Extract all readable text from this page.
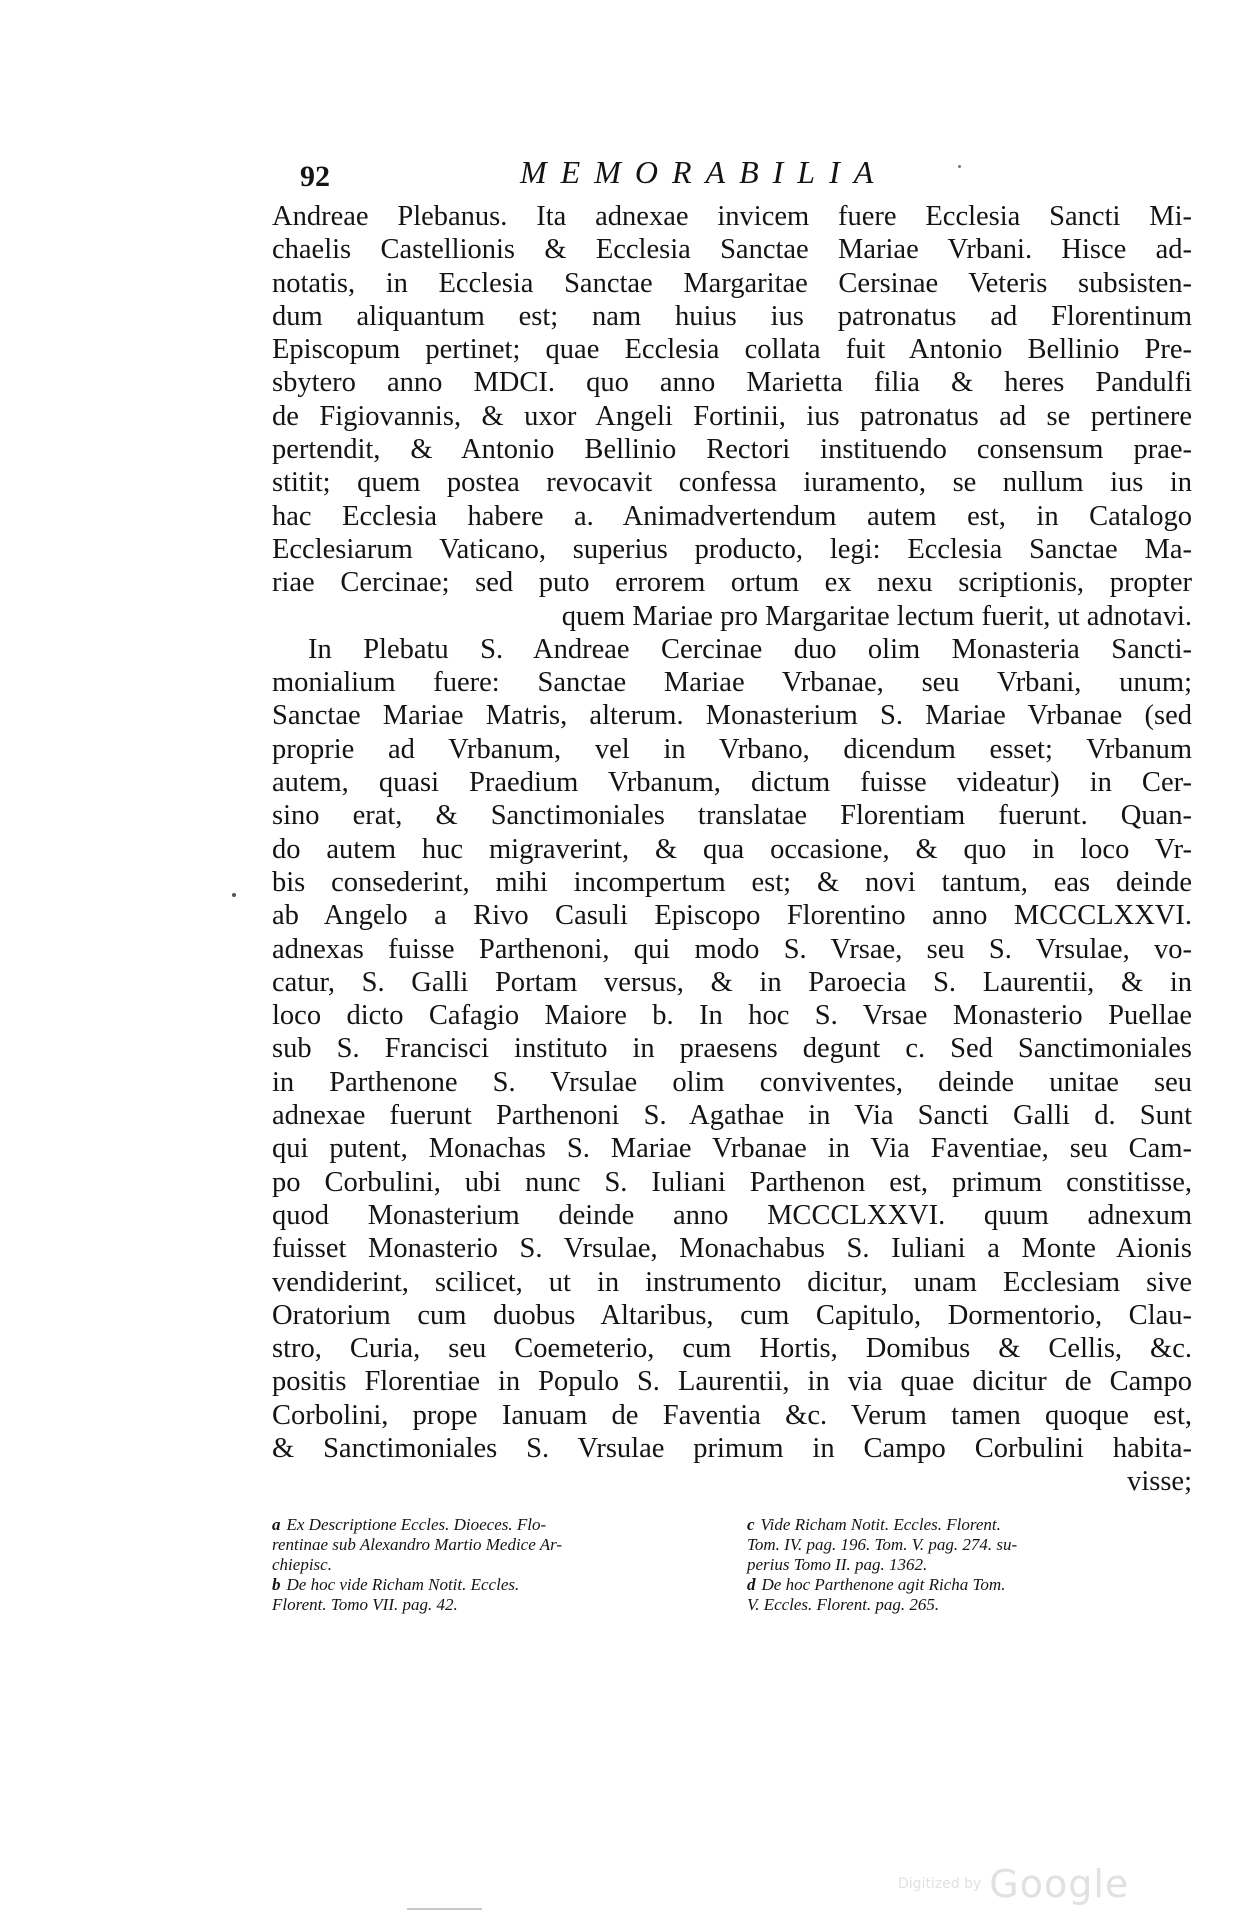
92	MEMORABILIA
Andreae Plebanus. Ita adnexae invicem fuere Ecclesia Sancti Mi-
chaelis Castellionis & Ecclesia Sanctae Mariae Vrbani. Hisce ad-
notatis, in Ecclesia Sanctae Margaritae Cersinae Veteris subsisten-
dum aliquantum est; nam huius ius patronatus ad Florentinum
Episcopum pertinet; quae Ecclesia collata fuit Antonio Bellinio Pre-
sbytero anno MDCI. quo anno Marietta filia & heres Pandulfi
de Figiovannis, & uxor Angeli Fortinii, ius patronatus ad se pertinere
pertendit, & Antonio Bellinio Rectori instituendo consensum prae-
stitit; quem postea revocavit confessa iuramento, se nullum ius in
hac Ecclesia habere a. Animadvertendum autem est, in Catalogo
Ecclesiarum Vaticano, superius producto, legi: Ecclesia Sanctae Ma-
riae Cercinae; sed puto errorem ortum ex nexu scriptionis, propter
quem Mariae pro Margaritae lectum fuerit, ut adnotavi.
In Plebatu S. Andreae Cercinae duo olim Monasteria Sancti-
monialium fuere: Sanctae Mariae Vrbanae, seu Vrbani, unum;
Sanctae Mariae Matris, alterum. Monasterium S. Mariae Vrbanae (sed
proprie ad Vrbanum, vel in Vrbano, dicendum esset; Vrbanum
autem, quasi Praedium Vrbanum, dictum fuisse videatur) in Cer-
sino erat, & Sanctimoniales translatae Florentiam fuerunt. Quan-
do autem huc migraverint, & qua occasione, & quo in loco Vr-
bis consederint, mihi incompertum est; & novi tantum, eas deinde
ab Angelo a Rivo Casuli Episcopo Florentino anno MCCCLXXVI.
adnexas fuisse Parthenoni, qui modo S. Vrsae, seu S. Vrsulae, vo-
catur, S. Galli Portam versus, & in Paroecia S. Laurentii, & in
loco dicto Cafagio Maiore b. In hoc S. Vrsae Monasterio Puellae
sub S. Francisci instituto in praesens degunt c. Sed Sanctimoniales
in Parthenone S. Vrsulae olim conviventes, deinde unitae seu
adnexae fuerunt Parthenoni S. Agathae in Via Sancti Galli d. Sunt
qui putent, Monachas S. Mariae Vrbanae in Via Faventiae, seu Cam-
po Corbulini, ubi nunc S. Iuliani Parthenon est, primum constitisse,
quod Monasterium deinde anno MCCCLXXVI. quum adnexum
fuisset Monasterio S. Vrsulae, Monachabus S. Iuliani a Monte Aionis
vendiderint, scilicet, ut in instrumento dicitur, unam Ecclesiam sive
Oratorium cum duobus Altaribus, cum Capitulo, Dormentorio, Clau-
stro, Curia, seu Coemeterio, cum Hortis, Domibus & Cellis, &c.
positis Florentiae in Populo S. Laurentii, in via quae dicitur de Campo
Corbolini, prope Ianuam de Faventia &c. Verum tamen quoque est,
& Sanctimoniales S. Vrsulae primum in Campo Corbulini habita-
visse;
a Ex Descriptione Eccles. Dioeces. Flo-
rentinae sub Alexandro Martio Medice Ar-
chiepisc.
b De hoc vide Richam Notit. Eccles.
Florent. Tomo VII. pag. 42.
c Vide Richam Notit. Eccles. Florent.
Tom. IV. pag. 196. Tom. V. pag. 274. su-
perius Tomo II. pag. 1362.
d De hoc Parthenone agit Richa Tom.
V. Eccles. Florent. pag. 265.
Digitized by Google
